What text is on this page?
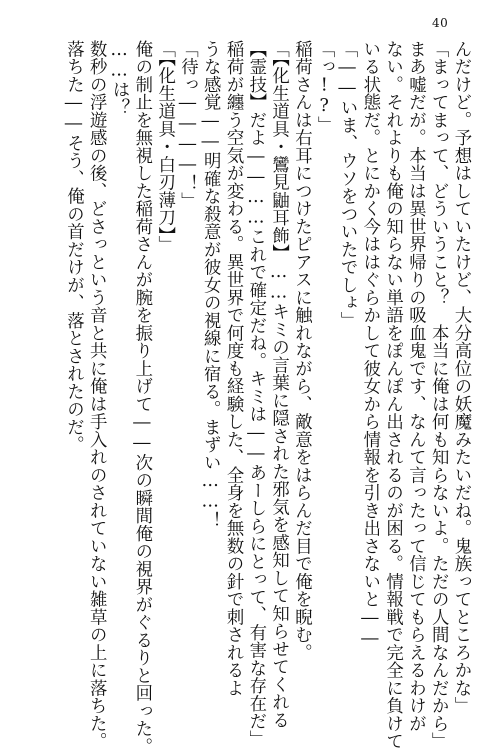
40
んだけど。予想はしていたけど、大分高位の妖魔みたいだね。鬼族ってところかな」
「まってまって、どういうこと？　本当に俺は何も知らないよ。ただの人間なんだから」
まあ嘘だが。本当は異世界帰りの吸血鬼です、なんて言ったって信じてもらえるわけが
ない。それよりも俺の知らない単語をぽんぽん出されるのが困る。情報戦で完全に負けて
いる状態だ。とにかく今ははぐらかして彼女から情報を引き出さないと――
「――いま、ウソをついたでしょ」
「っ!?」
稲荷さんは右耳につけたピアスに触れながら、敵意をはらんだ目で俺を睨む。
「【化生道具・鸞見鼬耳飾】……キミの言葉に隠された邪気を感知して知らせてくれる
【霊技】だよ――……これで確定だね。キミは――あーしらにとって、有害な存在だ」
稲荷が纏う空気が変わる。異世界で何度も経験した、全身を無数の針で刺されるよ
うな感覚――明確な殺意が彼女の視線に宿る。まずい……！
「待っ――――！」
「【化生道具・白刃薄刀】」
俺の制止を無視した稲荷さんが腕を振り上げて――次の瞬間俺の視界がぐるりと回った。
……は？
数秒の浮遊感の後、どさっという音と共に俺は手入れのされていない雑草の上に落ちた。
落ちた――そう、俺の首だけが、落とされたのだ。
